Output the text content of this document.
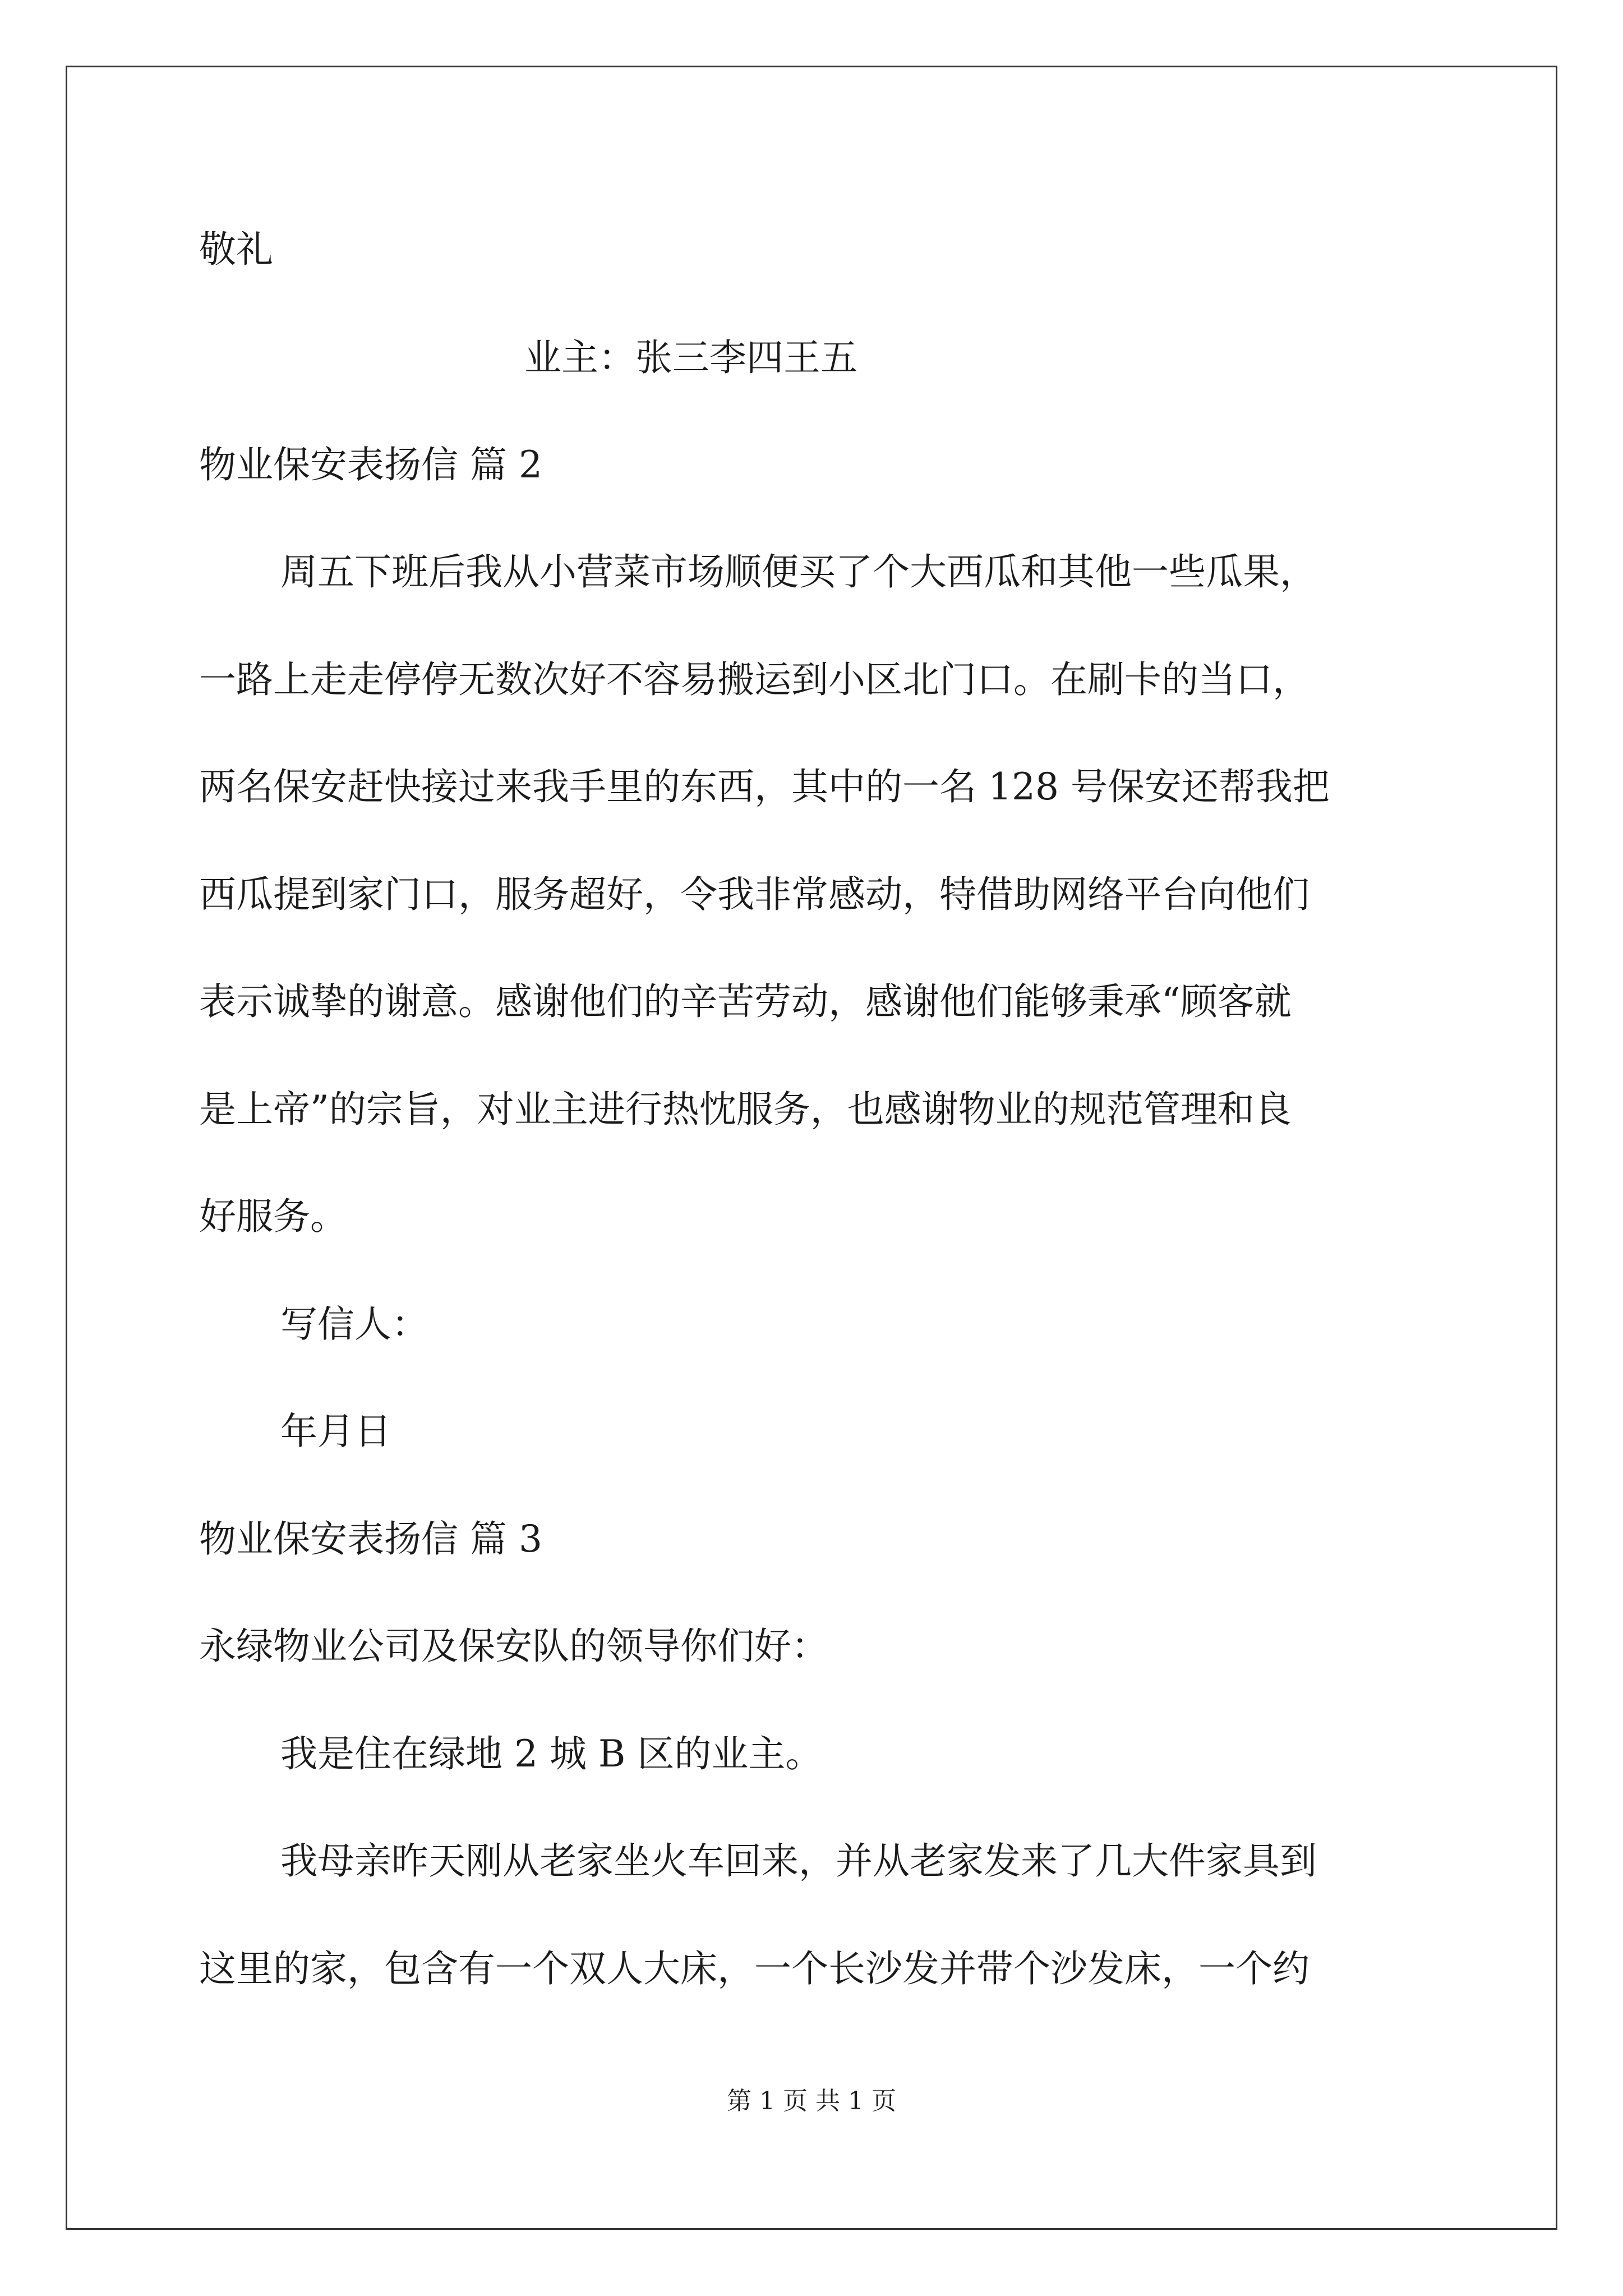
敬礼
业主：张三李四王五
物业保安表扬信 篇 2
周五下班后我从小营菜市场顺便买了个大西瓜和其他一些瓜果，
一路上走走停停无数次好不容易搬运到小区北门口。在刷卡的当口，
两名保安赶快接过来我手里的东西，其中的一名 128 号保安还帮我把
西瓜提到家门口，服务超好，令我非常感动，特借助网络平台向他们
表示诚挚的谢意。感谢他们的辛苦劳动，感谢他们能够秉承“顾客就
是上帝”的宗旨，对业主进行热忱服务，也感谢物业的规范管理和良
好服务。
写信人：
年月日
物业保安表扬信 篇 3
永绿物业公司及保安队的领导你们好：
我是住在绿地 2 城 B 区的业主。
我母亲昨天刚从老家坐火车回来，并从老家发来了几大件家具到
这里的家，包含有一个双人大床，一个长沙发并带个沙发床，一个约
第 1 页 共 1 页
